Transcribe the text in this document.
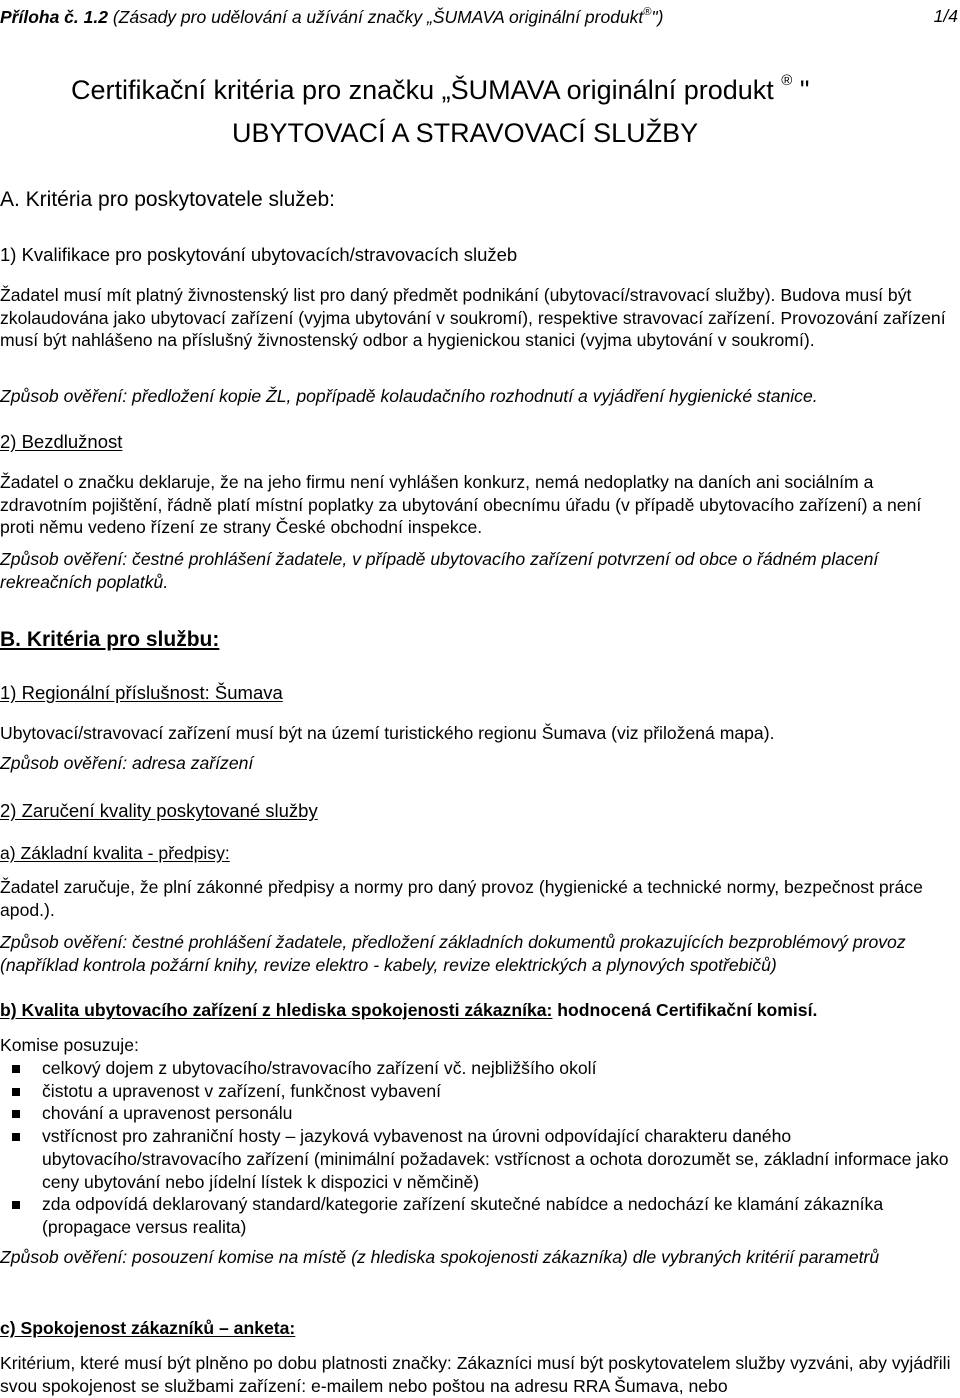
Příloha č. 1.2 (Zásady pro udělování a užívání značky „ŠUMAVA originální produkt®")	1/4
Certifikační kritéria pro značku „ŠUMAVA originální produkt ® "
UBYTOVACÍ A STRAVOVACÍ SLUŽBY
A. Kritéria pro poskytovatele služeb:
1) Kvalifikace pro poskytování ubytovacích/stravovacích služeb
Žadatel musí mít platný živnostenský list pro daný předmět podnikání (ubytovací/stravovací služby). Budova musí být zkolaudována jako ubytovací zařízení (vyjma ubytování v soukromí), respektive stravovací zařízení. Provozování zařízení musí být nahlášeno na příslušný živnostenský odbor a hygienickou stanici (vyjma ubytování v soukromí).
Způsob ověření: předložení kopie ŽL, popřípadě kolaudačního rozhodnutí a vyjádření hygienické stanice.
2) Bezdlužnost
Žadatel o značku deklaruje, že na jeho firmu není vyhlášen konkurz, nemá nedoplatky na daních ani sociálním a zdravotním pojištění, řádně platí místní poplatky za ubytování obecnímu úřadu (v případě ubytovacího zařízení) a není proti němu vedeno řízení ze strany České obchodní inspekce.
Způsob ověření: čestné prohlášení žadatele, v případě ubytovacího zařízení potvrzení od obce o řádném placení rekreačních poplatků.
B. Kritéria pro službu:
1) Regionální příslušnost: Šumava
Ubytovací/stravovací zařízení musí být na území turistického regionu Šumava (viz přiložená mapa).
Způsob ověření: adresa zařízení
2) Zaručení kvality poskytované služby
a) Základní kvalita - předpisy:
Žadatel zaručuje, že plní zákonné předpisy a normy pro daný provoz (hygienické a technické normy, bezpečnost práce apod.).
Způsob ověření: čestné prohlášení žadatele, předložení základních dokumentů prokazujících bezproblémový provoz (například kontrola požární knihy, revize elektro - kabely, revize elektrických a plynových spotřebičů)
b) Kvalita ubytovacího zařízení z hlediska spokojenosti zákazníka: hodnocená Certifikační komisí.
Komise posuzuje:
celkový dojem z ubytovacího/stravovacího zařízení vč. nejbližšího okolí
čistotu a upravenost v zařízení, funkčnost vybavení
chování a upravenost personálu
vstřícnost pro zahraniční hosty – jazyková vybavenost na úrovni odpovídající charakteru daného ubytovacího/stravovacího zařízení (minimální požadavek: vstřícnost a ochota dorozumět se, základní informace jako ceny ubytování nebo jídelní lístek k dispozici v němčině)
zda odpovídá deklarovaný standard/kategorie zařízení skutečné nabídce a nedochází ke klamání zákazníka (propagace versus realita)
Způsob ověření: posouzení komise na místě (z hlediska spokojenosti zákazníka) dle vybraných kritérií parametrů
c) Spokojenost zákazníků – anketa:
Kritérium, které musí být plněno po dobu platnosti značky: Zákazníci musí být poskytovatelem služby vyzváni, aby vyjádřili svou spokojenost se službami zařízení: e-mailem nebo poštou na adresu RRA Šumava, nebo
